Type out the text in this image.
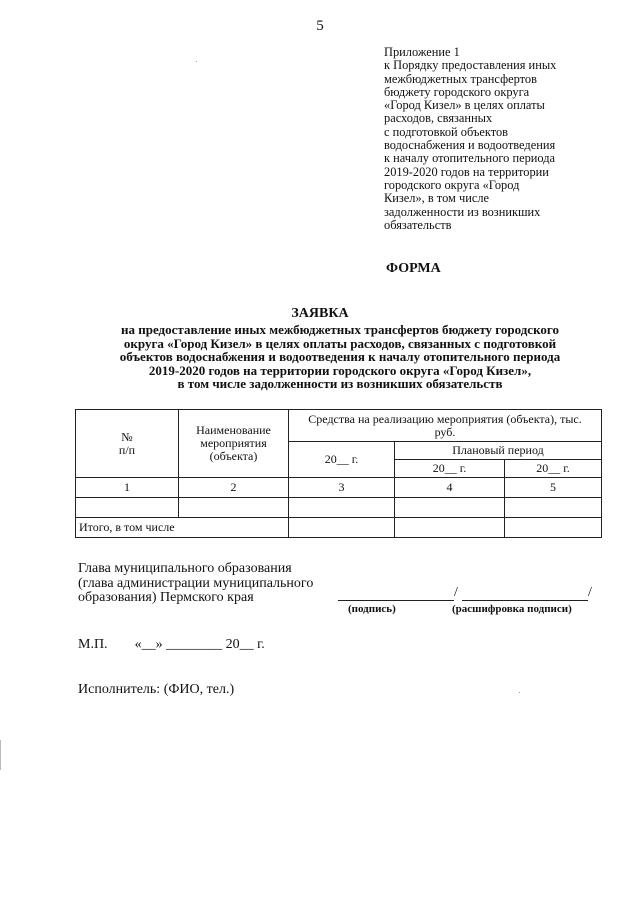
5
Приложение 1
к Порядку предоставления иных
межбюджетных трансфертов
бюджету городского округа
«Город Кизел» в целях оплаты
расходов, связанных
с подготовкой объектов
водоснабжения и водоотведения
к началу отопительного периода
2019-2020 годов на территории
городского округа «Город
Кизел», в том числе
задолженности из возникших
обязательств
ФОРМА
ЗАЯВКА
на предоставление иных межбюджетных трансфертов бюджету городского
округа «Город Кизел» в целях оплаты расходов, связанных с подготовкой
объектов водоснабжения и водоотведения к началу отопительного периода
2019-2020 годов на территории городского округа «Город Кизел»,
в том числе задолженности из возникших обязательств
№
п/п	Наименование мероприятия (объекта)	Средства на реализацию мероприятия (объекта), тыс. руб.		

		20__ г.	Плановый период	
			20__ г.	20__ г.
1	2	3	4	5

Итого, в том числе				
Глава муниципального образования
(глава администрации муниципального
образования) Пермского края	/	/
(подпись)	(расшифровка подписи)
М.П. «__» ________ 20__ г.
Исполнитель: (ФИО, тел.)
